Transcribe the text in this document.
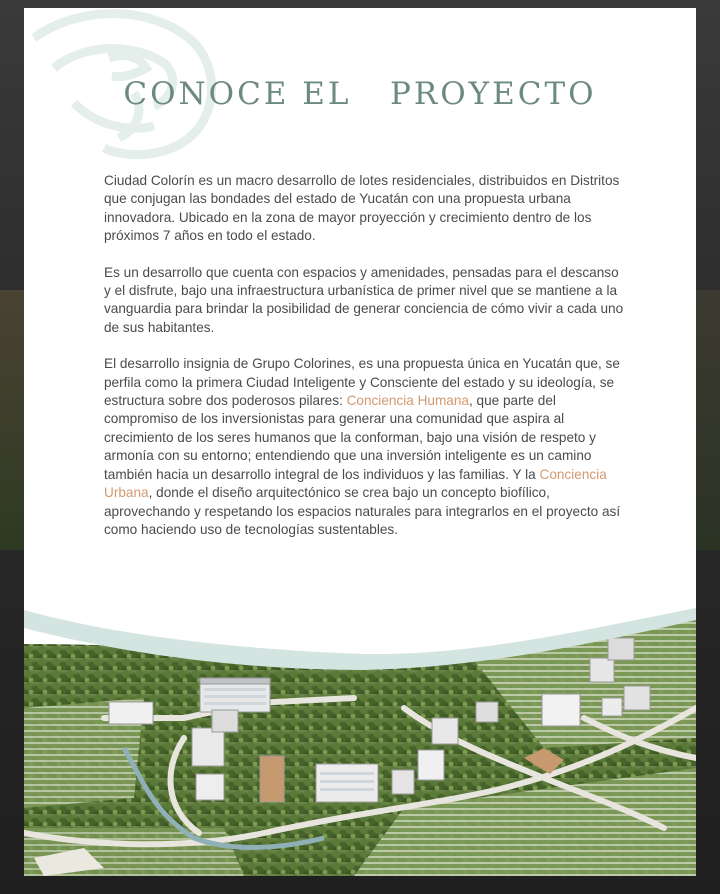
CONOCE EL   PROYECTO

Ciudad Colorín es un macro desarrollo de lotes residenciales, distribuidos en Distritos que conjugan las bondades del estado de Yucatán con una propuesta urbana innovadora. Ubicado en la zona de mayor proyección y crecimiento dentro de los próximos 7 años en todo el estado.

Es un desarrollo que cuenta con espacios y amenidades, pensadas para el descanso y el disfrute, bajo una infraestructura urbanística de primer nivel que se mantiene a la vanguardia para brindar la posibilidad de generar conciencia de cómo vivir a cada uno de sus habitantes.

El desarrollo insignia de Grupo Colorines, es una propuesta única en Yucatán que, se perfila como la primera Ciudad Inteligente y Consciente del estado y su ideología, se estructura sobre dos poderosos pilares: Conciencia Humana, que parte del compromiso de los inversionistas para generar una comunidad que aspira al crecimiento de los seres humanos que la conforman, bajo una visión de respeto y armonía con su entorno; entendiendo que una inversión inteligente es un camino también hacia un desarrollo integral de los individuos y las familias. Y la Conciencia Urbana, donde el diseño arquitectónico se crea bajo un concepto biofílico, aprovechando y respetando los espacios naturales para integrarlos en el proyecto así como haciendo uso de tecnologías sustentables.
